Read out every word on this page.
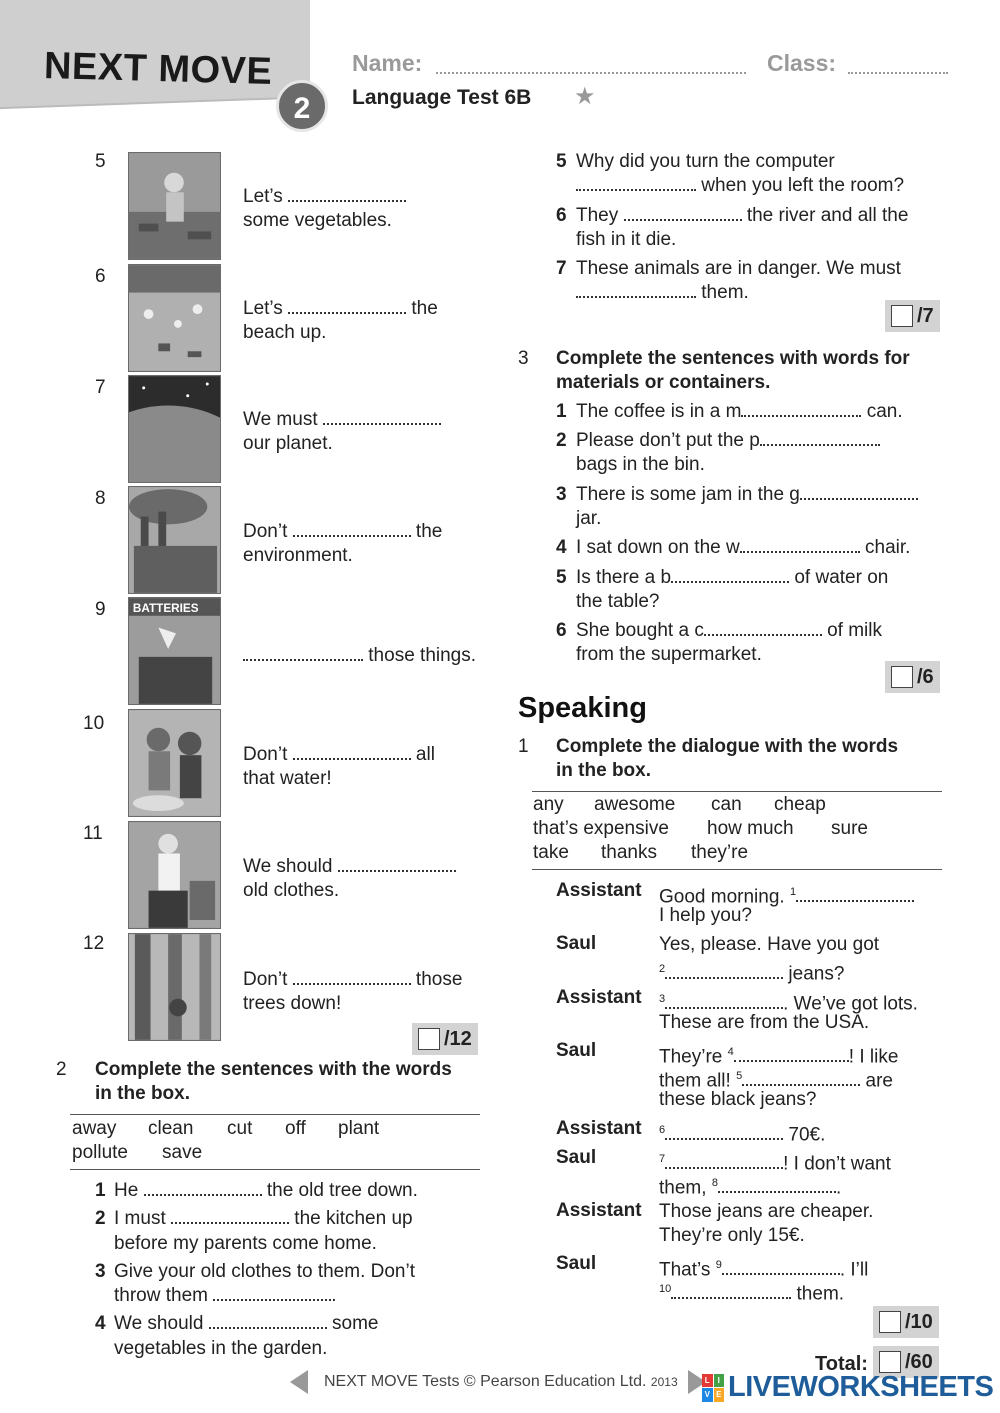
NEXT MOVE
2
Name:	Class:
Language Test 6B ★
5
Let’s
some vegetables.
6
Let’s	the
beach up.
7
We must
our planet.
8
Don’t	the
environment.
9 BATTERIES
those things.
10
Don’t	all
that water!
11
We should
old clothes.
12
Don’t	those
trees down!
/12
2 Complete the sentences with the words
in the box.
away clean cut off plant
pollute save
1 He	the old tree down.
2 I must	the kitchen up
before my parents come home.
3 Give your old clothes to them. Don’t
throw them	.
4 We should	some
vegetables in the garden.
5 Why did you turn the computer
when you left the room?
6 They	the river and all the
fish in it die.
7 These animals are in danger. We must
them.
/7
3 Complete the sentences with words for
materials or containers.
1 The coffee is in a m	can.
2 Please don’t put the p
bags in the bin.
3 There is some jam in the g
jar.
4 I sat down on the w	chair.
5 Is there a b	of water on
the table?
6 She bought a c	of milk
from the supermarket.
/6
Speaking
1 Complete the dialogue with the words
in the box.
any awesome can cheap
that’s expensive how much sure
take thanks they’re
Assistant Good morning. $^1$
I help you?
Saul	Yes, please. Have you got
$^2$	jeans?
Assistant $^3$	. We’ve got lots.
These are from the USA.
Saul	They’re $^4$	! I like
them all! $^5$	are
these black jeans?
Assistant $^6$	70€.
Saul	$^7$	! I don’t want
them, $^8$	.
Assistant Those jeans are cheaper.
They’re only 15€.
Saul	That’s $^9$	. I’ll
$^{10}$	them.
/10
Total: /60
NEXT MOVE Tests © Pearson Education Ltd. 2013	L I
V E LIVEWORKSHEETS
